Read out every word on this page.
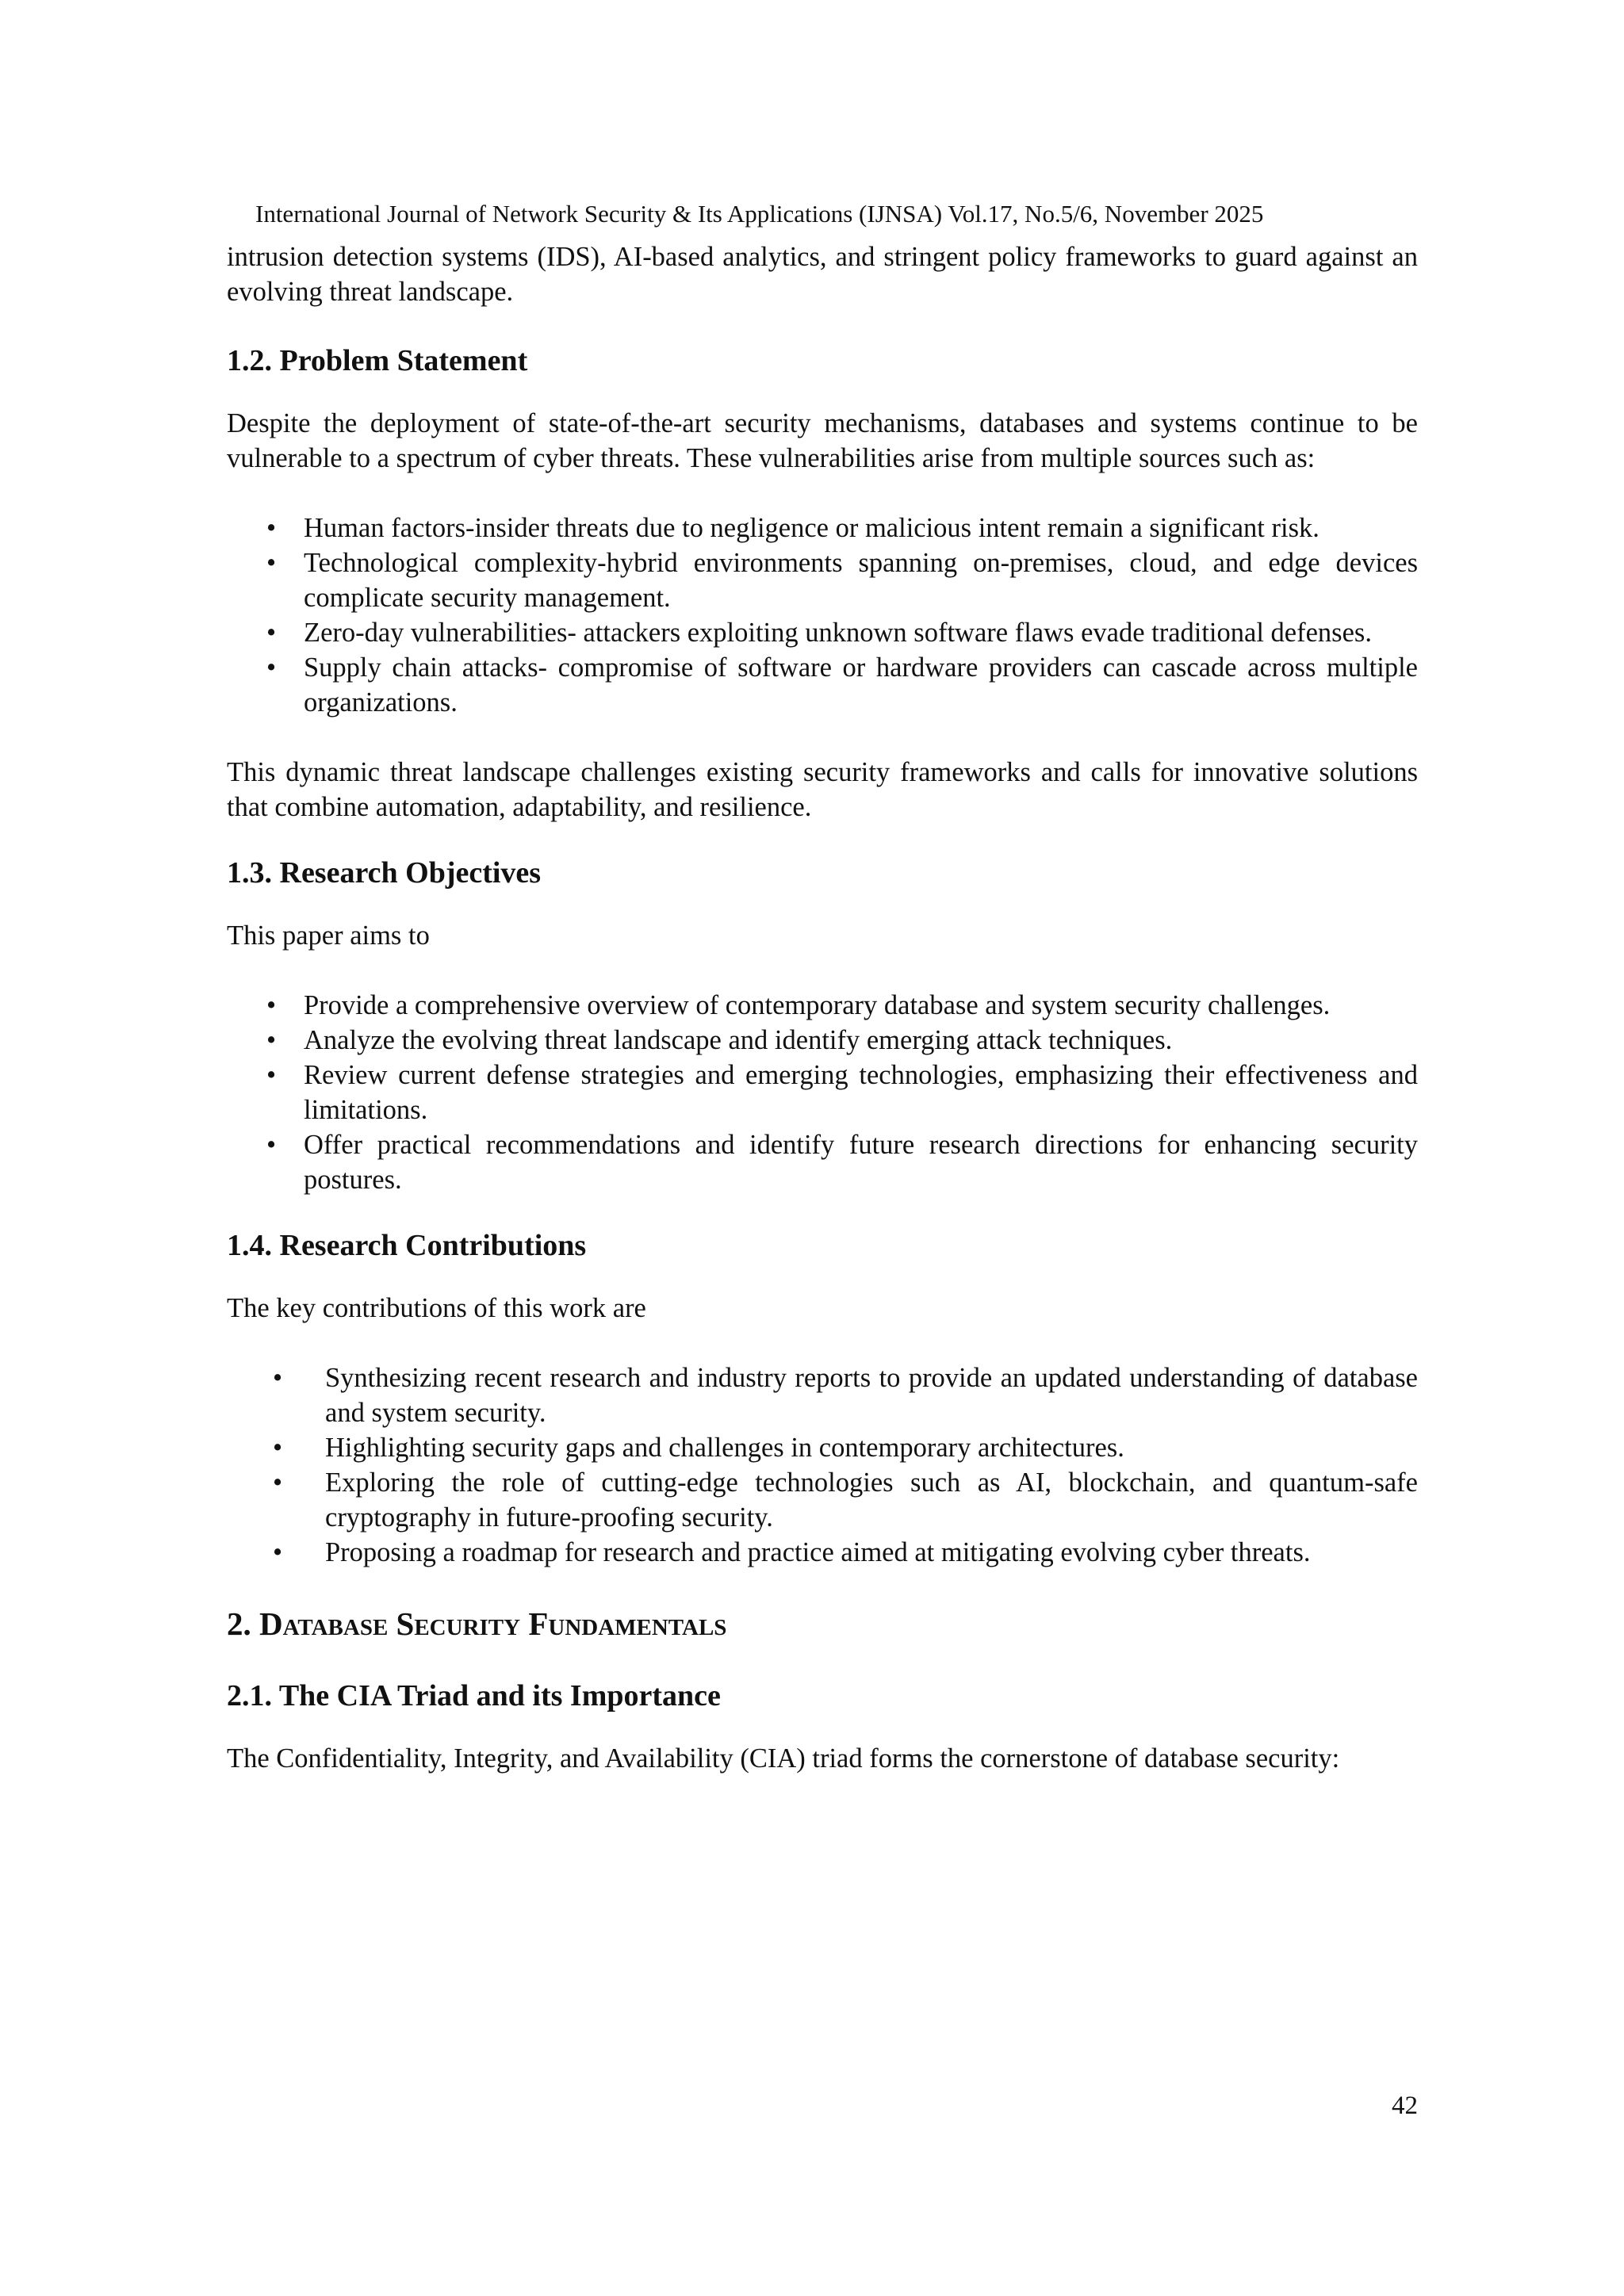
International Journal of Network Security & Its Applications (IJNSA) Vol.17, No.5/6, November 2025

intrusion detection systems (IDS), AI-based analytics, and stringent policy frameworks to guard against an evolving threat landscape.

1.2. Problem Statement

Despite the deployment of state-of-the-art security mechanisms, databases and systems continue to be vulnerable to a spectrum of cyber threats. These vulnerabilities arise from multiple sources such as:

• Human factors-insider threats due to negligence or malicious intent remain a significant risk.
• Technological complexity-hybrid environments spanning on-premises, cloud, and edge devices complicate security management.
• Zero-day vulnerabilities- attackers exploiting unknown software flaws evade traditional defenses.
• Supply chain attacks- compromise of software or hardware providers can cascade across multiple organizations.

This dynamic threat landscape challenges existing security frameworks and calls for innovative solutions that combine automation, adaptability, and resilience.

1.3. Research Objectives

This paper aims to

• Provide a comprehensive overview of contemporary database and system security challenges.
• Analyze the evolving threat landscape and identify emerging attack techniques.
• Review current defense strategies and emerging technologies, emphasizing their effectiveness and limitations.
• Offer practical recommendations and identify future research directions for enhancing security postures.
1.4. Research Contributions

The key contributions of this work are

• Synthesizing recent research and industry reports to provide an updated understanding of database and system security.
• Highlighting security gaps and challenges in contemporary architectures.
• Exploring the role of cutting-edge technologies such as AI, blockchain, and quantum-safe cryptography in future-proofing security.
• Proposing a roadmap for research and practice aimed at mitigating evolving cyber threats.
2. Database Security Fundamentals
2.1. The CIA Triad and its Importance

The Confidentiality, Integrity, and Availability (CIA) triad forms the cornerstone of database security:

42
